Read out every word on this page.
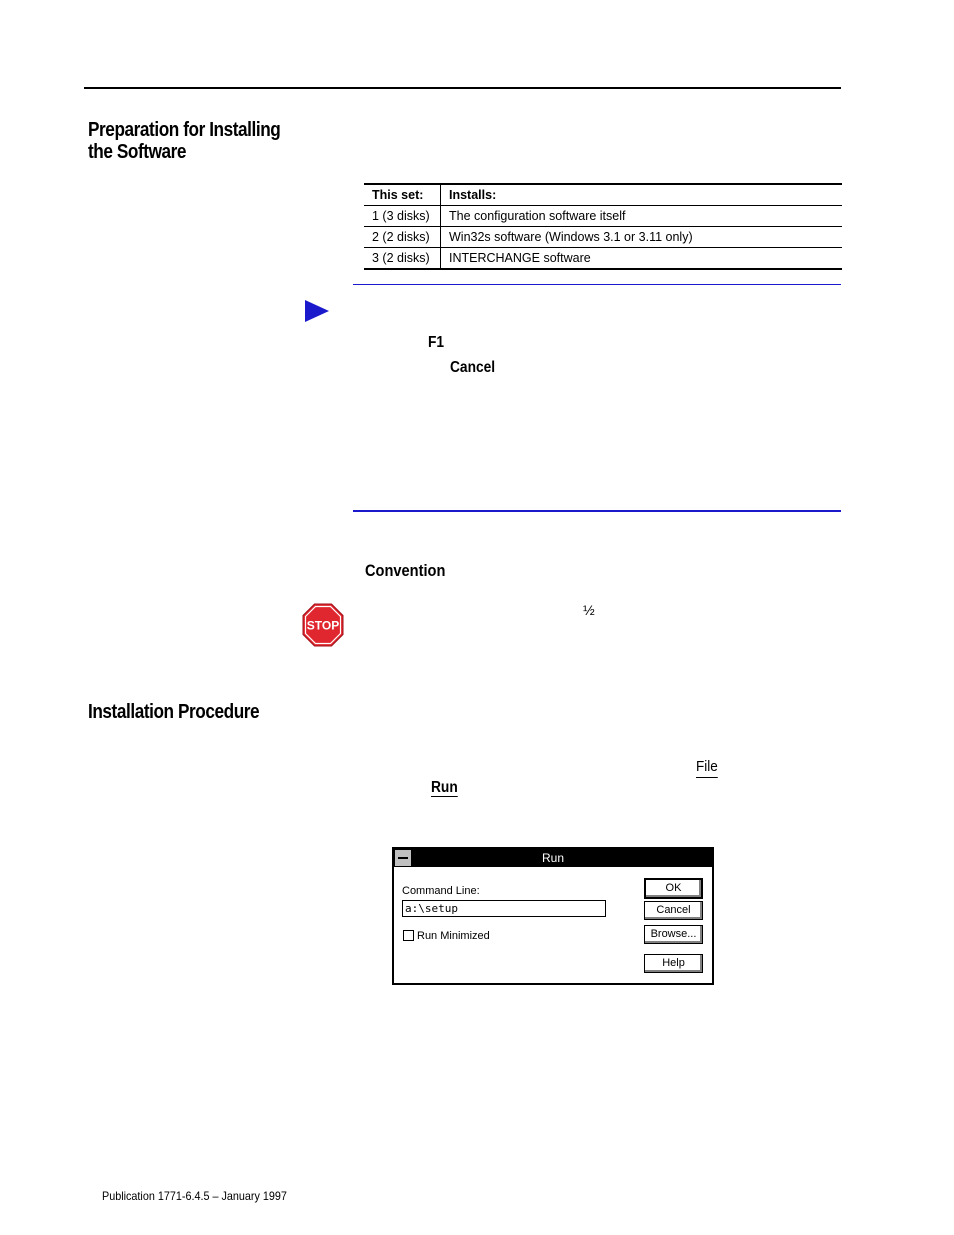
Preparation for Installing
the Software
This set:	Installs:
1 (3 disks)	The configuration software itself
2 (2 disks)	Win32s software (Windows 3.1 or 3.11 only)
3 (2 disks)	INTERCHANGE software
F1
Cancel
Convention
STOP
½
Installation Procedure
File
Run
Run
Command Line:
a:\setup
Run Minimized
OK
Cancel
Browse...
Help
Publication 1771-6.4.5 – January 1997
